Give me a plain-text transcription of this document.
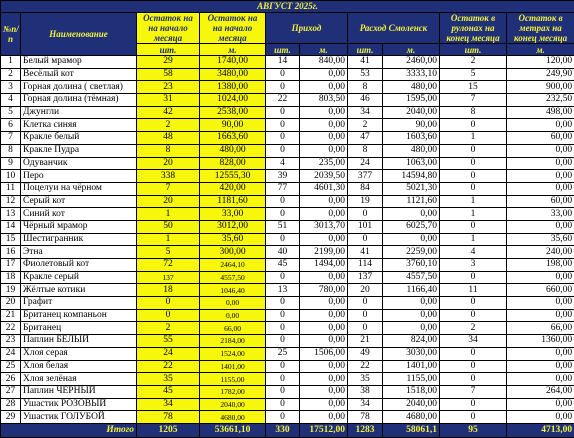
АВГУСТ 2025г.									
№п/п	Наименование	Остаток на на начало месяца	Остаток на на начало месяца	Приход		Расход Смоленск		Остаток в рулонах на конец месяца	Остаток в метрах на конец месяца
		шт.	м.	шт.	м.	шт.	м.	шт.	м.
1	Белый мрамор	29	1740,00	14	840,00	41	2460,00	2	120,00
2	Весёлый кот	58	3480,00	0	0,00	53	3333,10	5	249,90
3	Горная долина ( светлая)	23	1380,00	0	0,00	8	480,00	15	900,00
4	Горная долина (тёмная)	31	1024,00	22	803,50	46	1595,00	7	232,50
5	Джунгли	42	2538,00	0	0,00	34	2040,00	8	498,00
6	Клетка синяя	2	90,00	0	0,00	2	90,00	0	0,00
7	Кракле белый	48	1663,60	0	0,00	47	1603,60	1	60,00
8	Кракле Пудра	8	480,00	0	0,00	8	480,00	0	0,00
9	Одуванчик	20	828,00	4	235,00	24	1063,00	0	0,00
10	Перо	338	12555,30	39	2039,50	377	14594,80	0	0,00
11	Поцелуи на чёрном	7	420,00	77	4601,30	84	5021,30	0	0,00
12	Серый кот	20	1181,60	0	0,00	19	1121,60	1	60,00
13	Синий кот	1	33,00	0	0,00	0	0,00	1	33,00
14	Чёрный мрамор	50	3012,00	51	3013,70	101	6025,70	0	0,00
15	Шестигранник	1	35,60	0	0,00	0	0,00	1	35,60
16	Этна	5	300,00	40	2199,00	41	2259,00	4	240,00
17	Фиолетовый кот	72	2464,10	45	1494,00	114	3760,10	3	198,00
18	Кракле серый	137	4557,50	0	0,00	137	4557,50	0	0,00
19	Жёлтые котики	18	1046,40	13	780,00	20	1166,40	11	660,00
20	Графит	0	0,00	0	0,00	0	0,00	0	0,00
21	Британец компаньон	0	0,00	0	0,00	0	0,00	0	0,00
22	Британец	2	66,00	0	0,00	0	0,00	2	66,00
23	Паплин БЕЛЫЙ	55	2184,00	0	0,00	21	824,00	34	1360,00
24	Хлоя серая	24	1524,00	25	1506,00	49	3030,00	0	0,00
25	Хлоя белая	22	1401,00	0	0,00	22	1401,00	0	0,00
26	Хлоя зелёная	35	1155,00	0	0,00	35	1155,00	0	0,00
27	Паплин ЧЁРНЫЙ	45	1782,00	0	0,00	38	1518,00	7	264,00
28	Ушастик РОЗОВЫЙ	34	2040,00	0	0,00	34	2040,00	0	0,00
29	Ушастик ГОЛУБОЙ	78	4680,00	0	0,00	78	4680,00	0	0,00
Итого		1205	53661,10	330	17512,00	1283	58061,1	95	4713,00
